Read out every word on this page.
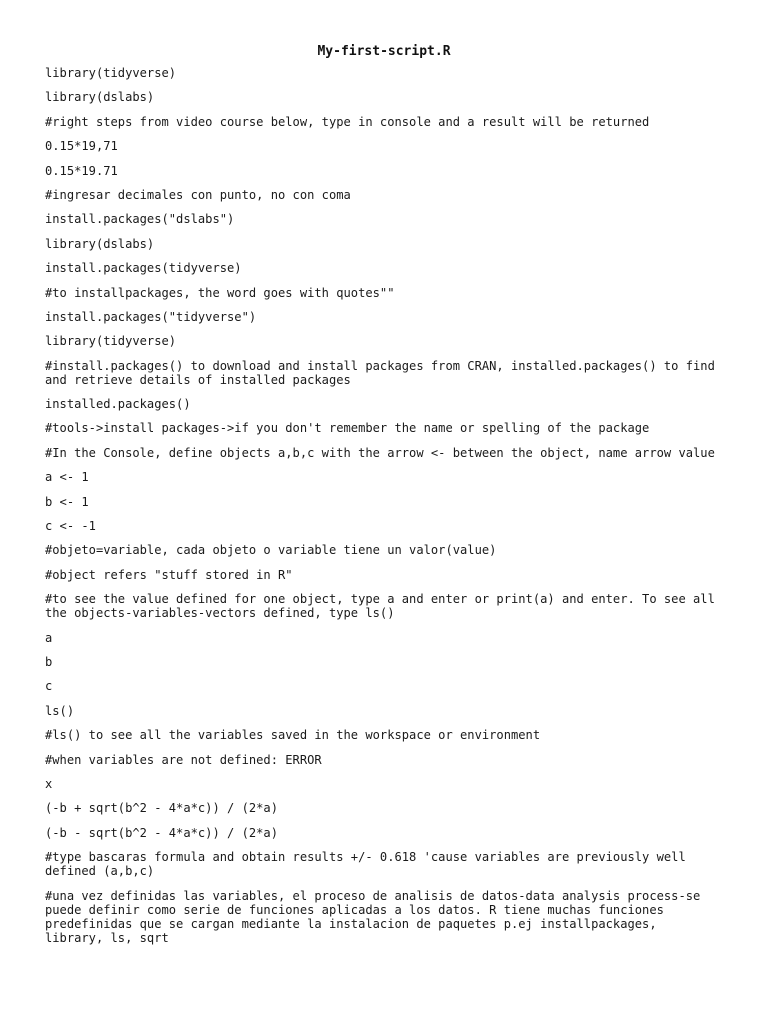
My-first-script.R

library(tidyverse)

library(dslabs)

#right steps from video course below, type in console and a result will be returned

0.15*19,71

0.15*19.71

#ingresar decimales con punto, no con coma

install.packages("dslabs")

library(dslabs)

install.packages(tidyverse)

#to installpackages, the word goes with quotes""

install.packages("tidyverse")

library(tidyverse)

#install.packages() to download and install packages from CRAN, installed.packages() to find and retrieve details of installed packages

installed.packages()

#tools->install packages->if you don't remember the name or spelling of the package

#In the Console, define objects a,b,c with the arrow <- between the object, name arrow value

a <- 1

b <- 1

c <- -1

#objeto=variable, cada objeto o variable tiene un valor(value)

#object refers "stuff stored in R"

#to see the value defined for one object, type a and enter or print(a) and enter. To see all the objects-variables-vectors defined, type ls()

a

b

c

ls()

#ls() to see all the variables saved in the workspace or environment

#when variables are not defined: ERROR

x

(-b + sqrt(b^2 - 4*a*c)) / (2*a)

(-b - sqrt(b^2 - 4*a*c)) / (2*a)

#type bascaras formula and obtain results +/- 0.618 'cause variables are previously well defined (a,b,c)

#una vez definidas las variables, el proceso de analisis de datos-data analysis process-se puede definir como serie de funciones aplicadas a los datos. R tiene muchas funciones predefinidas que se cargan mediante la instalacion de paquetes p.ej installpackages, library, ls, sqrt
